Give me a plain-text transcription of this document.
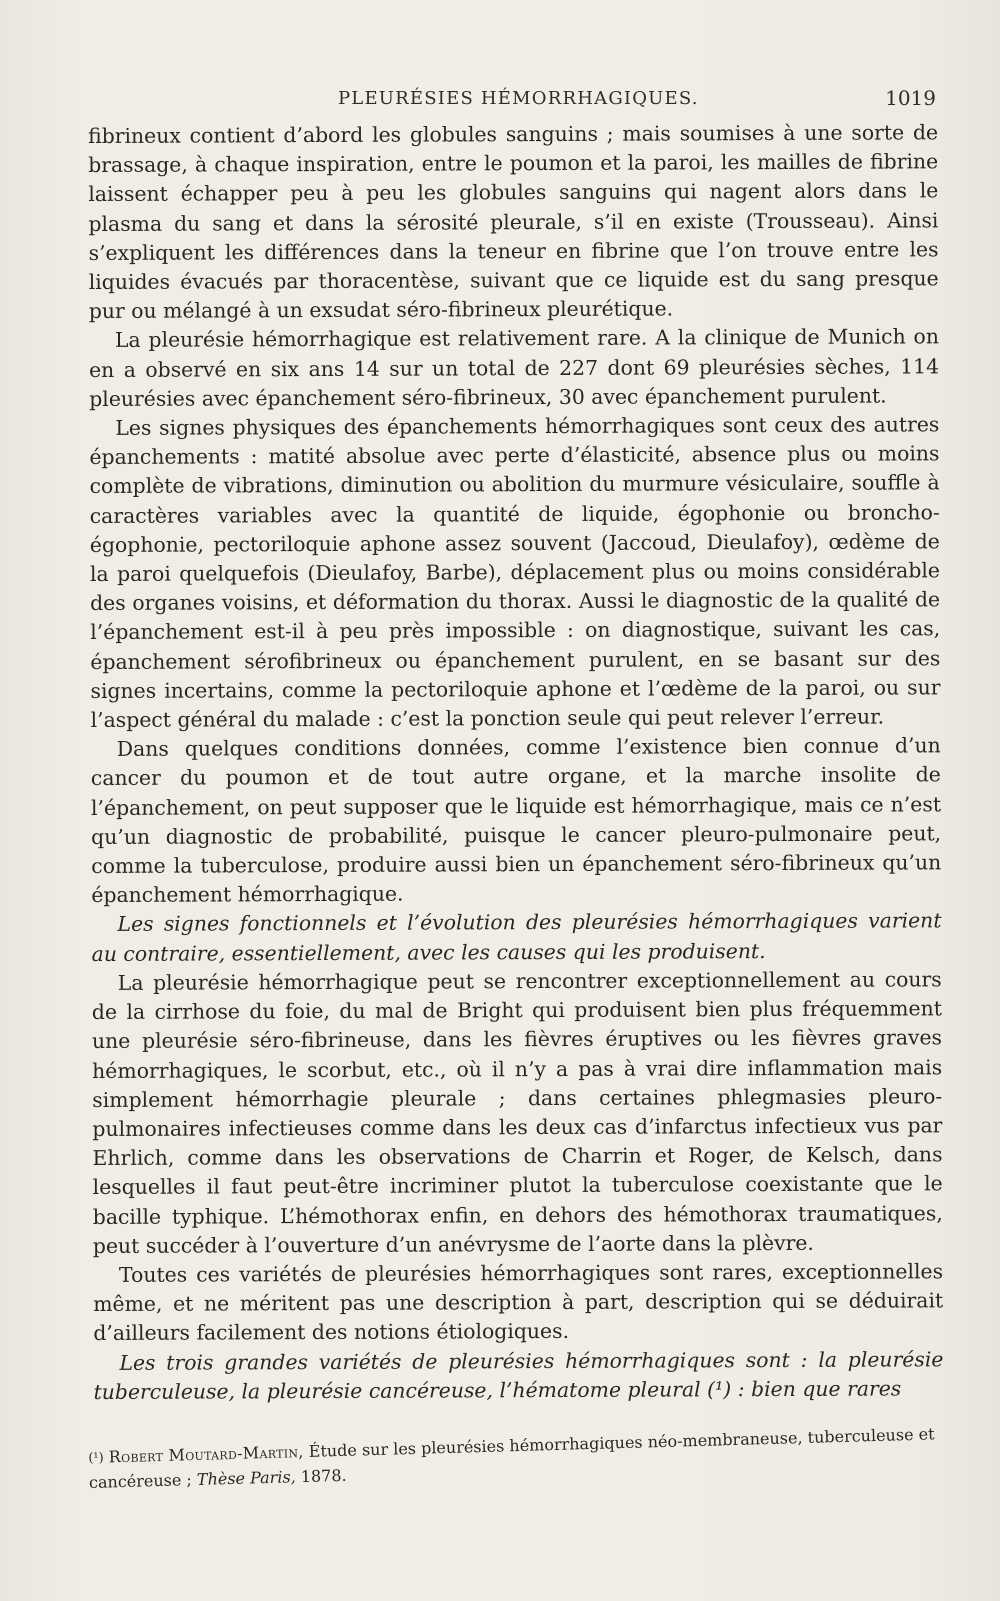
PLEURÉSIES HÉMORRHAGIQUES.	1019

fibrineux contient d’abord les globules sanguins ; mais soumises à une sorte de brassage, à chaque inspiration, entre le poumon et la paroi, les mailles de fibrine laissent échapper peu à peu les globules sanguins qui nagent alors dans le plasma du sang et dans la sérosité pleurale, s’il en existe (Trousseau). Ainsi s’expliquent les différences dans la teneur en fibrine que l’on trouve entre les liquides évacués par thoracentèse, suivant que ce liquide est du sang presque pur ou mélangé à un exsudat séro-fibrineux pleurétique.

La pleurésie hémorrhagique est relativement rare. A la clinique de Munich on en a observé en six ans 14 sur un total de 227 dont 69 pleurésies sèches, 114 pleurésies avec épanchement séro-fibrineux, 30 avec épanchement purulent.

Les signes physiques des épanchements hémorrhagiques sont ceux des autres épanchements : matité absolue avec perte d’élasticité, absence plus ou moins complète de vibrations, diminution ou abolition du murmure vésiculaire, souffle à caractères variables avec la quantité de liquide, égophonie ou broncho-égophonie, pectoriloquie aphone assez souvent (Jaccoud, Dieulafoy), œdème de la paroi quelquefois (Dieulafoy, Barbe), déplacement plus ou moins considérable des organes voisins, et déformation du thorax. Aussi le diagnostic de la qualité de l’épanchement est-il à peu près impossible : on diagnostique, suivant les cas, épanchement sérofibrineux ou épanchement purulent, en se basant sur des signes incertains, comme la pectoriloquie aphone et l’œdème de la paroi, ou sur l’aspect général du malade : c’est la ponction seule qui peut relever l’erreur.

Dans quelques conditions données, comme l’existence bien connue d’un cancer du poumon et de tout autre organe, et la marche insolite de l’épanchement, on peut supposer que le liquide est hémorrhagique, mais ce n’est qu’un diagnostic de probabilité, puisque le cancer pleuro-pulmonaire peut, comme la tuberculose, produire aussi bien un épanchement séro-fibrineux qu’un épanchement hémorrhagique.

Les signes fonctionnels et l’évolution des pleurésies hémorrhagiques varient au contraire, essentiellement, avec les causes qui les produisent.

La pleurésie hémorrhagique peut se rencontrer exceptionnellement au cours de la cirrhose du foie, du mal de Bright qui produisent bien plus fréquemment une pleurésie séro-fibrineuse, dans les fièvres éruptives ou les fièvres graves hémorrhagiques, le scorbut, etc., où il n’y a pas à vrai dire inflammation mais simplement hémorrhagie pleurale ; dans certaines phlegmasies pleuro-pulmonaires infectieuses comme dans les deux cas d’infarctus infectieux vus par Ehrlich, comme dans les observations de Charrin et Roger, de Kelsch, dans lesquelles il faut peut-être incriminer plutot la tuberculose coexistante que le bacille typhique. L’hémothorax enfin, en dehors des hémothorax traumatiques, peut succéder à l’ouverture d’un anévrysme de l’aorte dans la plèvre.

Toutes ces variétés de pleurésies hémorrhagiques sont rares, exceptionnelles même, et ne méritent pas une description à part, description qui se déduirait d’ailleurs facilement des notions étiologiques.

Les trois grandes variétés de pleurésies hémorrhagiques sont : la pleurésie tuberculeuse, la pleurésie cancéreuse, l’hématome pleural (¹) : bien que rares

(¹) Robert Moutard-Martin, Étude sur les pleurésies hémorrhagiques néo-membraneuse, tuberculeuse et cancéreuse ; Thèse Paris, 1878.
